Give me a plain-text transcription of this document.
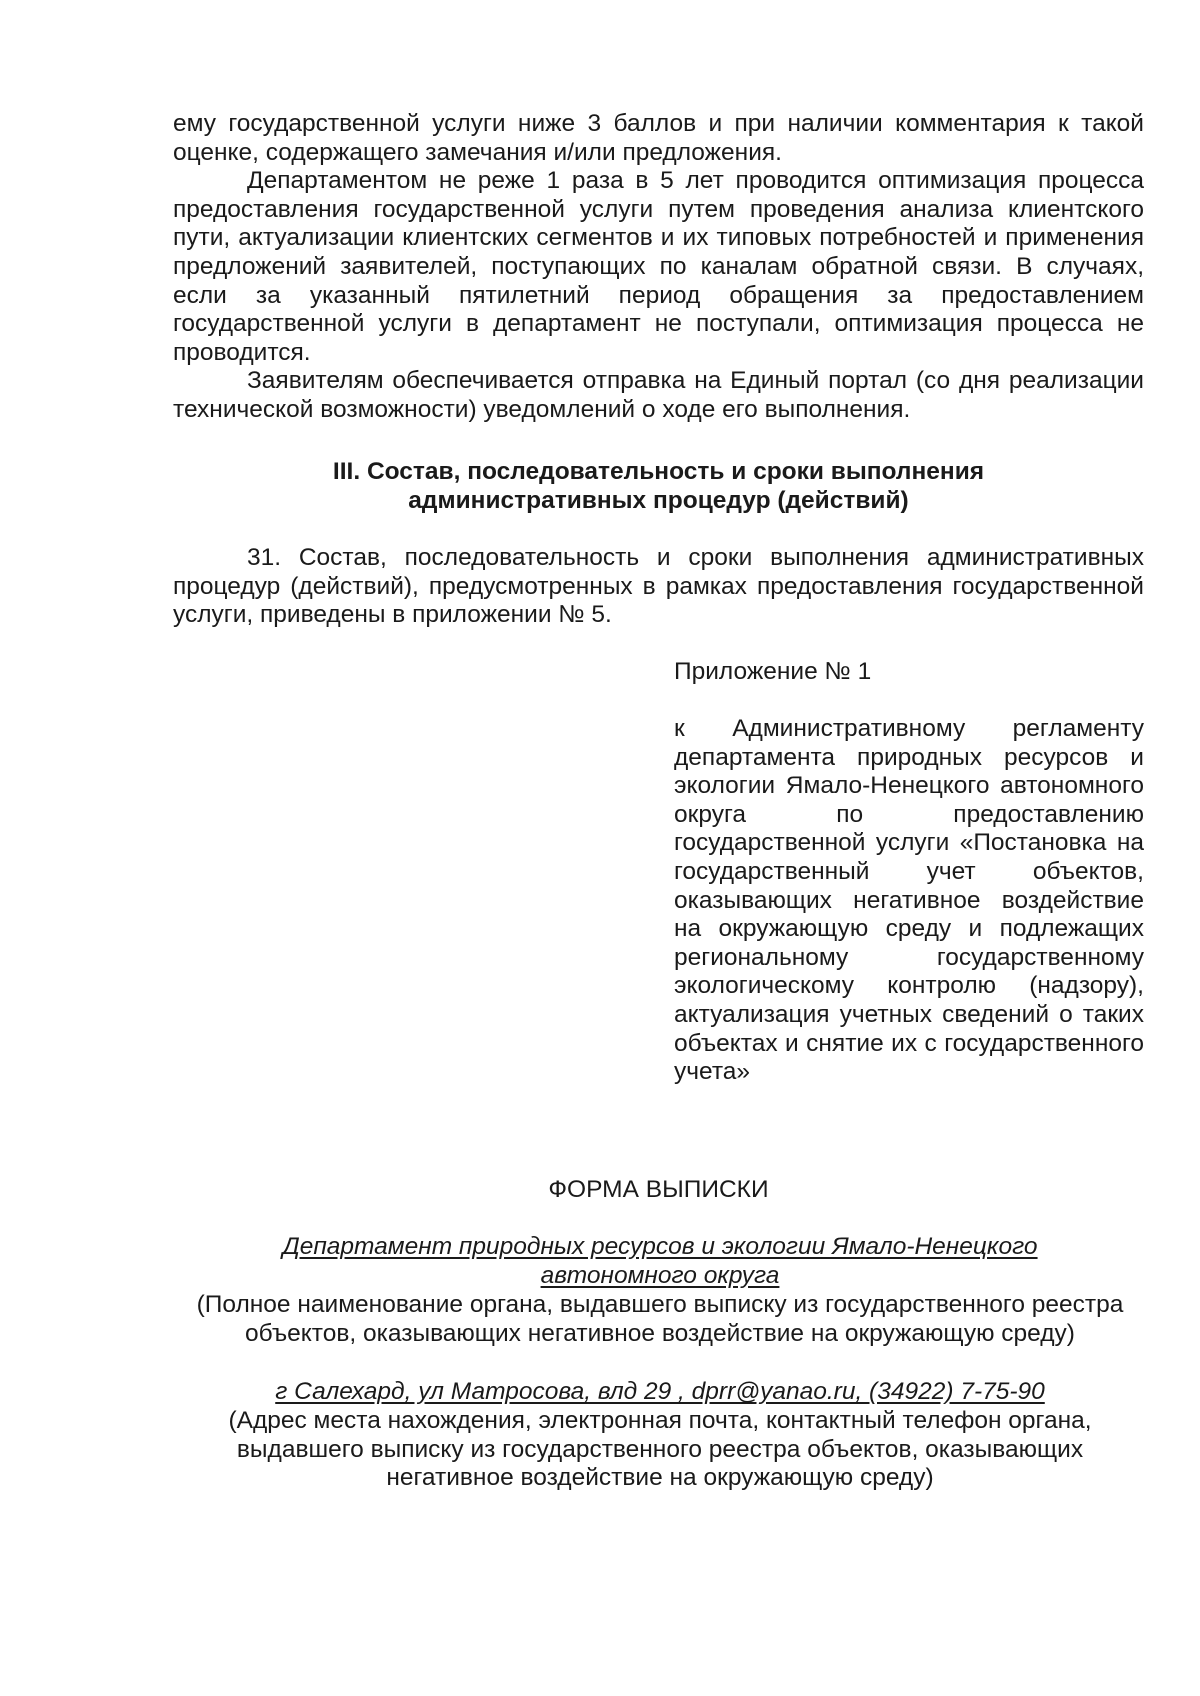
ему государственной услуги ниже 3 баллов и при наличии комментария к такой оценке, содержащего замечания и/или предложения.

Департаментом не реже 1 раза в 5 лет проводится оптимизация процесса предоставления государственной услуги путем проведения анализа клиентского пути, актуализации клиентских сегментов и их типовых потребностей и применения предложений заявителей, поступающих по каналам обратной связи. В случаях, если за указанный пятилетний период обращения за предоставлением государственной услуги в департамент не поступали, оптимизация процесса не проводится.

Заявителям обеспечивается отправка на Единый портал (со дня реализации технической возможности) уведомлений о ходе его выполнения.

III. Состав, последовательность и сроки выполнения

административных процедур (действий)

31. Состав, последовательность и сроки выполнения административных процедур (действий), предусмотренных в рамках предоставления государственной услуги, приведены в приложении № 5.

Приложение № 1

к Административному регламенту департамента природных ресурсов и экологии Ямало-Ненецкого автономного округа по предоставлению государственной услуги «Постановка на государственный учет объектов, оказывающих негативное воздействие на окружающую среду и подлежащих региональному государственному экологическому контролю (надзору), актуализация учетных сведений о таких объектах и снятие их с государственного учета»

ФОРМА ВЫПИСКИ

Департамент природных ресурсов и экологии Ямало-Ненецкого

автономного округа

(Полное наименование органа, выдавшего выписку из государственного реестра объектов, оказывающих негативное воздействие на окружающую среду)

г Салехард, ул Матросова, влд 29 , dprr@yanao.ru, (34922) 7-75-90

(Адрес места нахождения, электронная почта, контактный телефон органа, выдавшего выписку из государственного реестра объектов, оказывающих негативное воздействие на окружающую среду)
